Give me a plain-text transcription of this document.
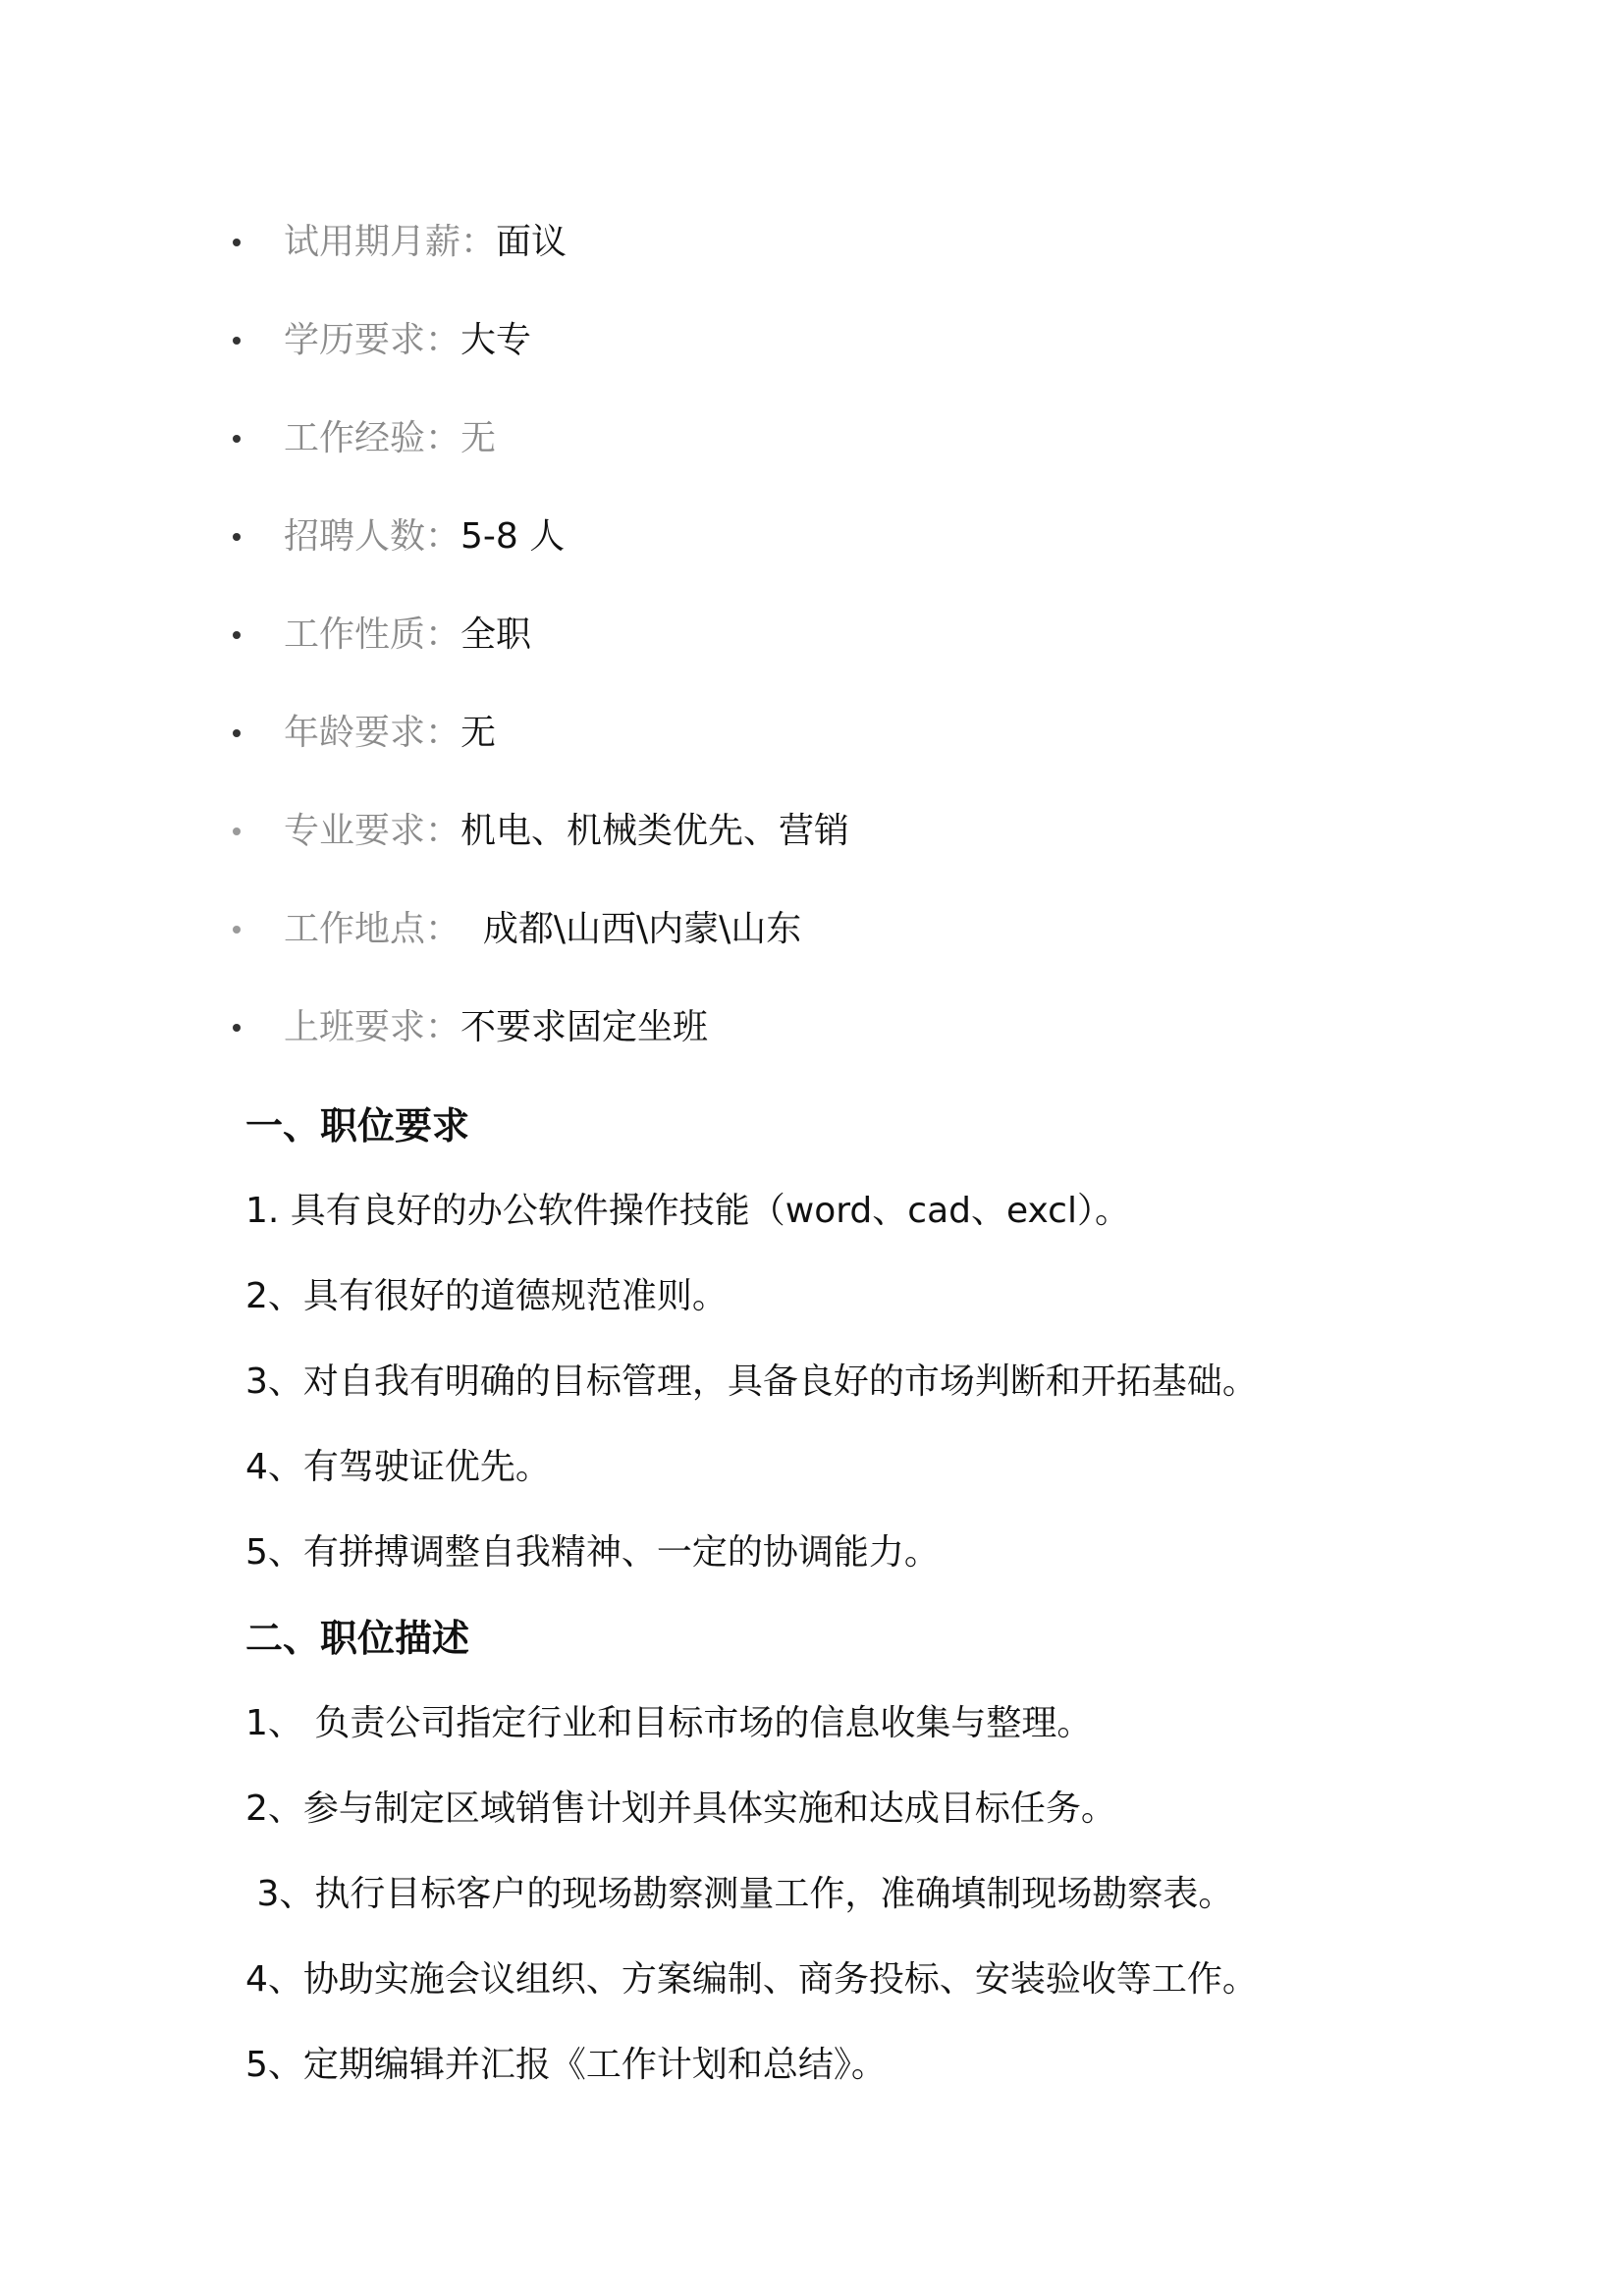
试用期月薪：面议
学历要求：大专
工作经验：无
招聘人数：5-8 人
工作性质：全职
年龄要求：无
专业要求：机电、机械类优先、营销
工作地点：  成都\山西\内蒙\山东
上班要求：不要求固定坐班
一、职位要求
1. 具有良好的办公软件操作技能（word、cad、excl）。
2、具有很好的道德规范准则。
3、对自我有明确的目标管理，具备良好的市场判断和开拓基础。
4、有驾驶证优先。
5、有拼搏调整自我精神、一定的协调能力。
二、职位描述
1、 负责公司指定行业和目标市场的信息收集与整理。
2、参与制定区域销售计划并具体实施和达成目标任务。
3、执行目标客户的现场勘察测量工作，准确填制现场勘察表。
4、协助实施会议组织、方案编制、商务投标、安装验收等工作。
5、定期编辑并汇报《工作计划和总结》。
